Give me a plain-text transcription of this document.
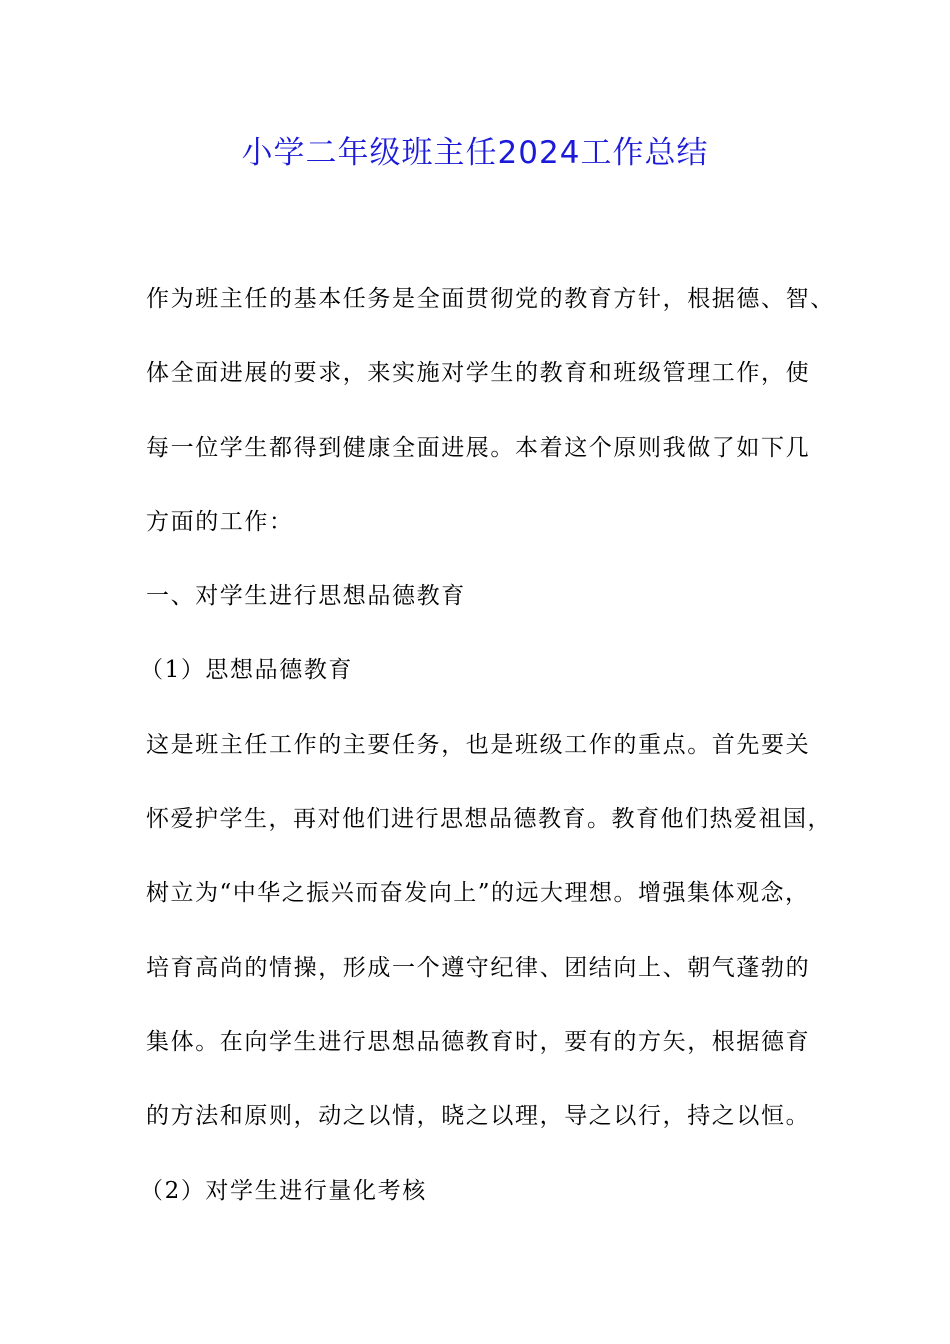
小学二年级班主任2024工作总结
作为班主任的基本任务是全面贯彻党的教育方针，根据德、智、
体全面进展的要求，来实施对学生的教育和班级管理工作，使
每一位学生都得到健康全面进展。本着这个原则我做了如下几
方面的工作：
一、对学生进行思想品德教育
（1）思想品德教育
这是班主任工作的主要任务，也是班级工作的重点。首先要关
怀爱护学生，再对他们进行思想品德教育。教育他们热爱祖国，
树立为“中华之振兴而奋发向上”的远大理想。增强集体观念，
培育高尚的情操，形成一个遵守纪律、团结向上、朝气蓬勃的
集体。在向学生进行思想品德教育时，要有的方矢，根据德育
的方法和原则，动之以情，晓之以理，导之以行，持之以恒。
（2）对学生进行量化考核
